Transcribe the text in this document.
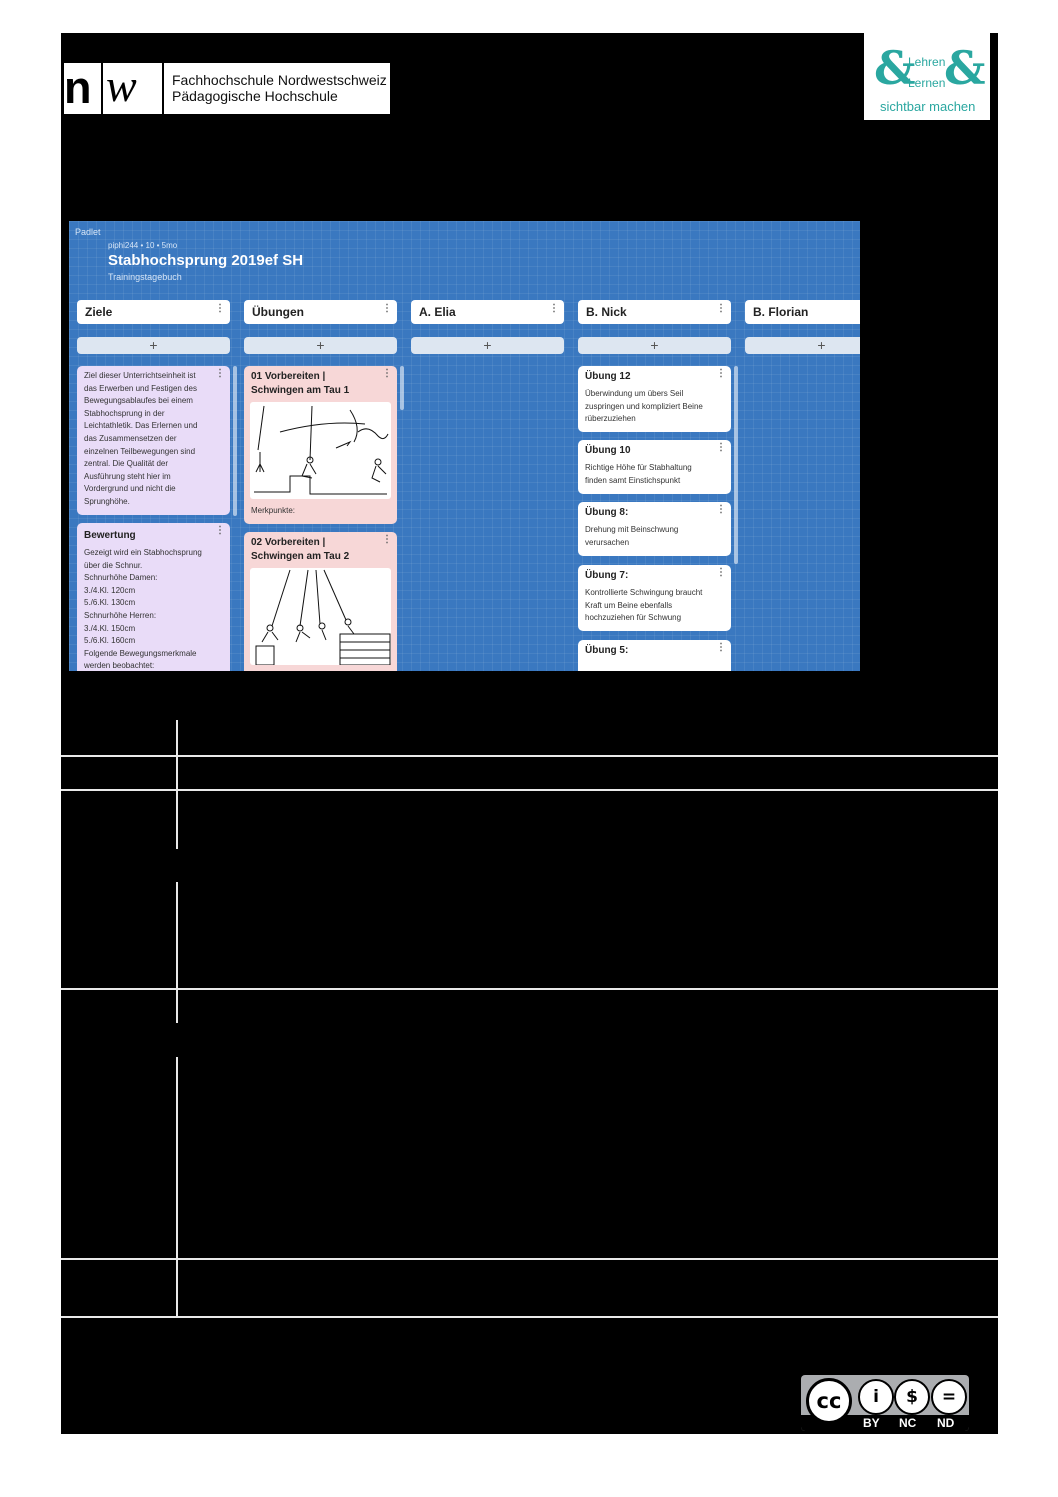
n w	Fachhochschule Nordwestschweiz
Pädagogische Hochschule
& &
Lehren
Lernen
sichtbar machen
Padlet
piphi244 • 10 • 5mo
Stabhochsprung 2019ef SH
Trainingstagebuch
Ziele	⋮
+
Ziel dieser Unterrichtseinheit ist
das Erwerben und Festigen des
Bewegungsablaufes bei einem
Stabhochsprung in der
Leichtathletik. Das Erlernen und
das Zusammensetzen der
einzelnen Teilbewegungen sind
zentral. Die Qualität der
Ausführung steht hier im
Vordergrund und nicht die
Sprunghöhe.
⋮
Bewertung
Gezeigt wird ein Stabhochsprung
über die Schnur.
Schnurhöhe Damen:
3./4.Kl. 120cm
5./6.Kl. 130cm
Schnurhöhe Herren:
3./4.Kl. 150cm
5./6.Kl. 160cm
Folgende Bewegungsmerkmale
werden beobachtet:
⋮
Übungen	⋮
+
01 Vorbereiten |
Schwingen am Tau 1
⋮
Merkpunkte:
02 Vorbereiten |
Schwingen am Tau 2
⋮
A. Elia	⋮
+
B. Nick	⋮
+
Übung 12
Überwindung um übers Seil
zuspringen und kompliziert Beine
rüberzuziehen
⋮
Übung 10
Richtige Höhe für Stabhaltung
finden samt Einstichspunkt
⋮
Übung 8:
Drehung mit Beinschwung
verursachen
⋮
Übung 7:
Kontrollierte Schwingung braucht
Kraft um Beine ebenfalls
hochzuziehen für Schwung
⋮
Übung 5:	⋮
B. Florian
+
cc	i	$	=
BY NC ND
